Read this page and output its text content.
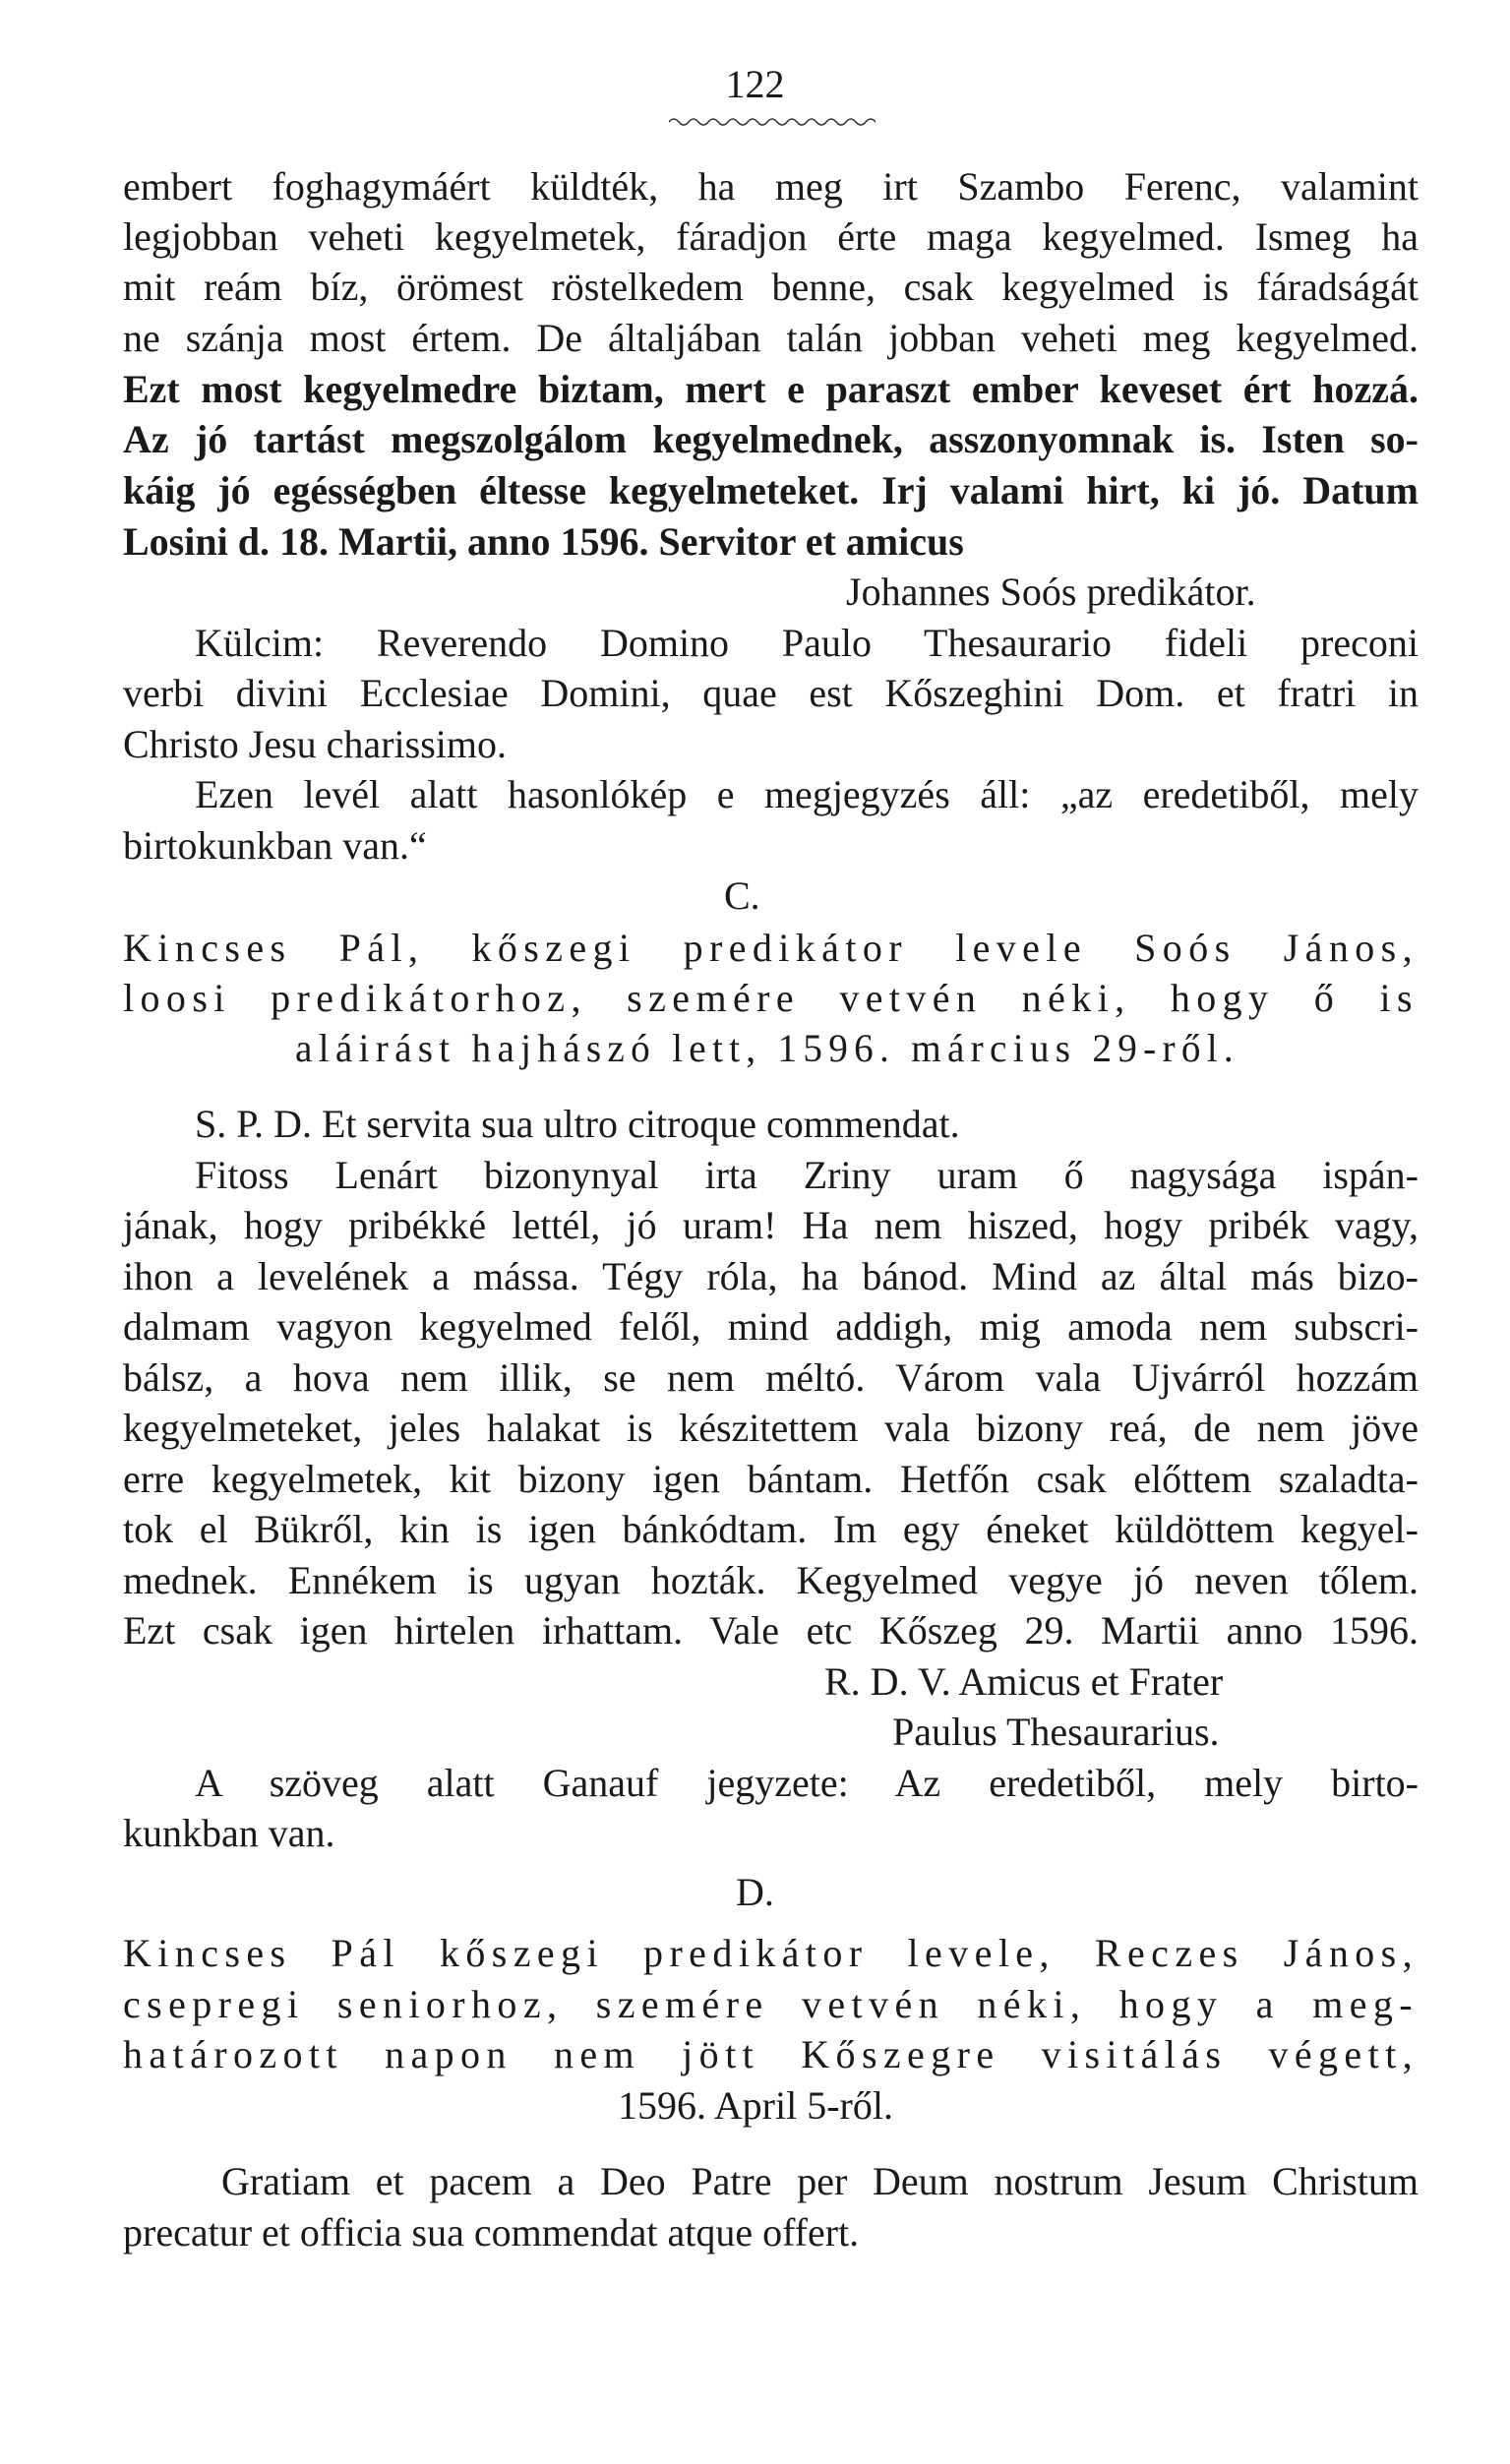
122
embert foghagymáért küldték, ha meg irt Szambo Ferenc, valamint
legjobban veheti kegyelmetek, fáradjon érte maga kegyelmed. Ismeg ha
mit reám bíz, örömest röstelkedem benne, csak kegyelmed is fáradságát
ne szánja most értem. De általjában talán jobban veheti meg kegyelmed.
Ezt most kegyelmedre biztam, mert e paraszt ember keveset ért hozzá.
Az jó tartást megszolgálom kegyelmednek, asszonyomnak is. Isten so-
káig jó egésségben éltesse kegyelmeteket. Irj valami hirt, ki jó. Datum
Losini d. 18. Martii, anno 1596. Servitor et amicus
Johannes Soós predikátor.
Külcim: Reverendo Domino Paulo Thesaurario fideli preconi
verbi divini Ecclesiae Domini, quae est Kőszeghini Dom. et fratri in
Christo Jesu charissimo.
Ezen levél alatt hasonlókép e megjegyzés áll: „az eredetiből, mely
birtokunkban van.“
C.
Kincses Pál, kőszegi predikátor levele Soós János,
loosi predikátorhoz, szemére vetvén néki, hogy ő is
aláirást hajhászó lett, 1596. március 29-ről.
S. P. D. Et servita sua ultro citroque commendat.
Fitoss Lenárt bizonynyal irta Zriny uram ő nagysága ispán-
jának, hogy pribékké lettél, jó uram! Ha nem hiszed, hogy pribék vagy,
ihon a levelének a mássa. Tégy róla, ha bánod. Mind az által más bizo-
dalmam vagyon kegyelmed felől, mind addigh, mig amoda nem subscri-
bálsz, a hova nem illik, se nem méltó. Várom vala Ujvárról hozzám
kegyelmeteket, jeles halakat is készitettem vala bizony reá, de nem jöve
erre kegyelmetek, kit bizony igen bántam. Hetfőn csak előttem szaladta-
tok el Bükről, kin is igen bánkódtam. Im egy éneket küldöttem kegyel-
mednek. Ennékem is ugyan hozták. Kegyelmed vegye jó neven tőlem.
Ezt csak igen hirtelen irhattam. Vale etc Kőszeg 29. Martii anno 1596.
R. D. V. Amicus et Frater
Paulus Thesaurarius.
A szöveg alatt Ganauf jegyzete: Az eredetiből, mely birto-
kunkban van.
D.
Kincses Pál kőszegi predikátor levele, Reczes János,
csepregi seniorhoz, szemére vetvén néki, hogy a meg-
határozott napon nem jött Kőszegre visitálás végett,
1596. April 5-ről.
Gratiam et pacem a Deo Patre per Deum nostrum Jesum Christum
precatur et officia sua commendat atque offert.
